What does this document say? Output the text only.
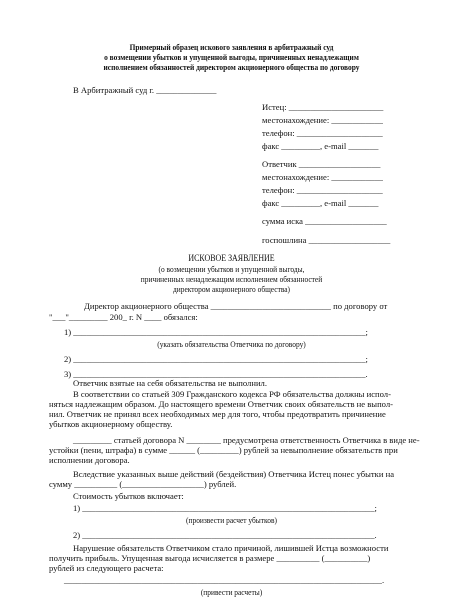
Примерный образец искового заявления в арбитражный суд
о возмещении убытков и упущенной выгоды, причиненных ненадлежащим
исполнением обязанностей директором акционерного общества по договору
В Арбитражный суд г. ______________
Истец: ______________________
местонахождение: ____________
телефон: ____________________
факс _________, e-mail _______
Ответчик ___________________
местонахождение: ____________
телефон: ____________________
факс _________, e-mail _______
сумма иска ___________________
госпошлина ___________________
ИСКОВОЕ ЗАЯВЛЕНИЕ
(о возмещении убытков и упущенной выгоды,
причиненных ненадлежащим исполнением обязанностей
директором акционерного общества)
Директор акционерного общества ____________________________ по договору от
"___"_________ 200_ г. N ____ обязался:
1) ____________________________________________________________________;
(указать обязательства Ответчика по договору)
2) ____________________________________________________________________;
3) ____________________________________________________________________.
Ответчик взятые на себя обязательства не выполнил.
В соответствии со статьей 309 Гражданского кодекса РФ обязательства должны испол-
няться надлежащим образом. До настоящего времени Ответчик своих обязательств не выпол-
нил. Ответчик не принял всех необходимых мер для того, чтобы предотвратить причинение
убытков акционерному обществу.
_________ статьей договора N ________ предусмотрена ответственность Ответчика в виде не-
устойки (пени, штрафа) в сумме ______ (_________) рублей за невыполнение обязательств при
исполнении договора.
Вследствие указанных выше действий (бездействия) Ответчика Истец понес убытки на
сумму __________ (___________________) рублей.
Стоимость убытков включает:
1) ____________________________________________________________________;
(произвести расчет убытков)
2) ____________________________________________________________________.
Нарушение обязательств Ответчиком стало причиной, лишившей Истца возможности
получить прибыль. Упущенная выгода исчисляется в размере __________ (__________)
рублей из следующего расчета:
__________________________________________________________________________.
(привести расчеты)
